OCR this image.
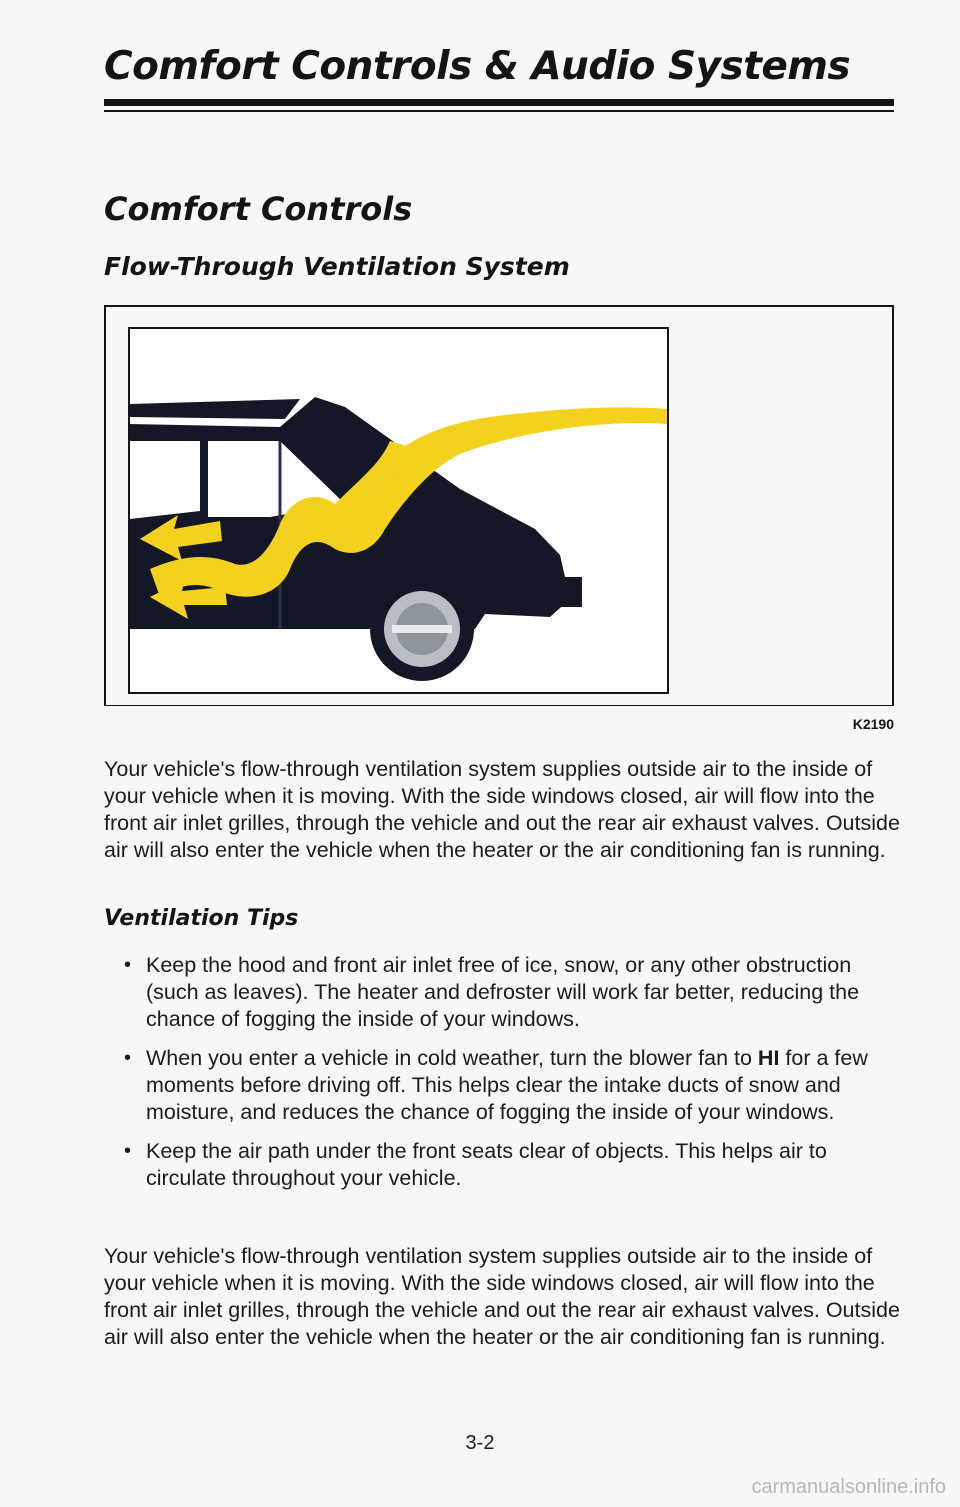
Comfort Controls & Audio Systems
Comfort Controls
Flow-Through Ventilation System
K2190

Your vehicle's flow-through ventilation system supplies outside air to the inside of your vehicle when it is moving. With the side windows closed, air will flow into the front air inlet grilles, through the vehicle and out the rear air exhaust valves. Outside air will also enter the vehicle when the heater or the air conditioning fan is running.

Ventilation Tips
• Keep the hood and front air inlet free of ice, snow, or any other obstruction (such as leaves). The heater and defroster will work far better, reducing the chance of fogging the inside of your windows.
• When you enter a vehicle in cold weather, turn the blower fan to HI for a few moments before driving off. This helps clear the intake ducts of snow and moisture, and reduces the chance of fogging the inside of your windows.
• Keep the air path under the front seats clear of objects. This helps air to circulate throughout your vehicle.

Your vehicle's flow-through ventilation system supplies outside air to the inside of your vehicle when it is moving. With the side windows closed, air will flow into the front air inlet grilles, through the vehicle and out the rear air exhaust valves. Outside air will also enter the vehicle when the heater or the air conditioning fan is running.

3-2
carmanualsonline.info
